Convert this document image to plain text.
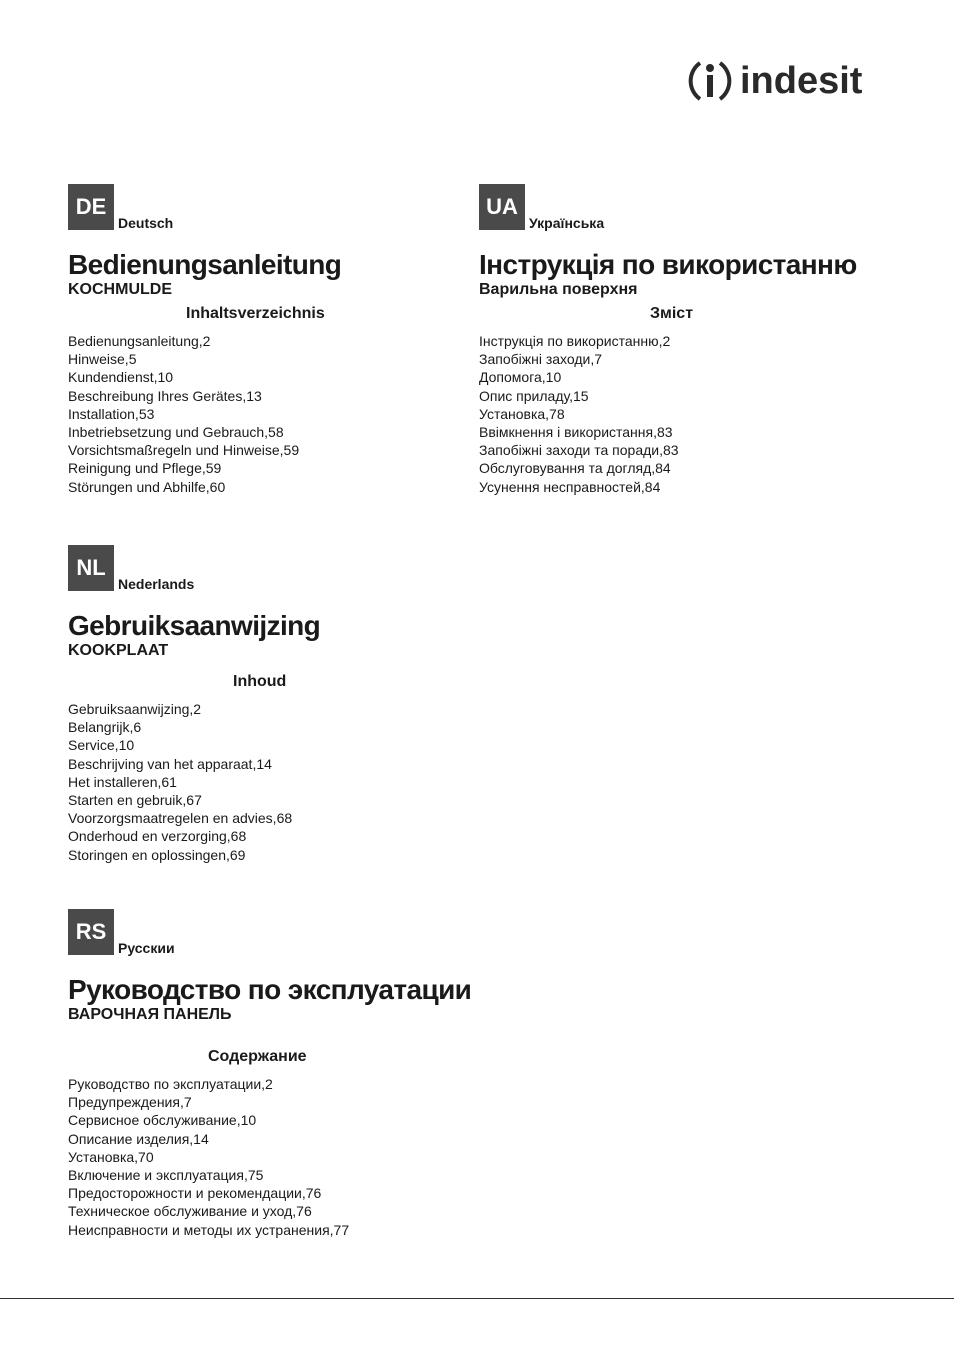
indesit
DE
Deutsch
Bedienungsanleitung
KOCHMULDE
Inhaltsverzeichnis
Bedienungsanleitung,2
Hinweise,5
Kundendienst,10
Beschreibung Ihres Gerätes,13
Installation,53
Inbetriebsetzung und Gebrauch,58
Vorsichtsmaßregeln und Hinweise,59
Reinigung und Pflege,59
Störungen und Abhilfe,60
UA
Українська
Інструкція по використанню
Варильна поверхня
Зміст
Інструкція по використанню,2
Запобіжні заходи,7
Допомога,10
Опис приладу,15
Установка,78
Ввімкнення і використання,83
Запобіжні заходи та поради,83
Обслуговування та догляд,84
Усунення несправностей,84
NL
Nederlands
Gebruiksaanwijzing
KOOKPLAAT
Inhoud
Gebruiksaanwijzing,2
Belangrijk,6
Service,10
Beschrijving van het apparaat,14
Het installeren,61
Starten en gebruik,67
Voorzorgsmaatregelen en advies,68
Onderhoud en verzorging,68
Storingen en oplossingen,69
RS
Русскии
Руководство по эксплуатации
ВАРОЧНАЯ ПАНЕЛЬ
Содержание
Руководство по эксплуатации,2
Предупреждения,7
Сервисное обслуживание,10
Описание изделия,14
Установка,70
Включение и эксплуатация,75
Предосторожности и рекомендации,76
Техническое обслуживание и уход,76
Неисправности и методы их устранения,77
